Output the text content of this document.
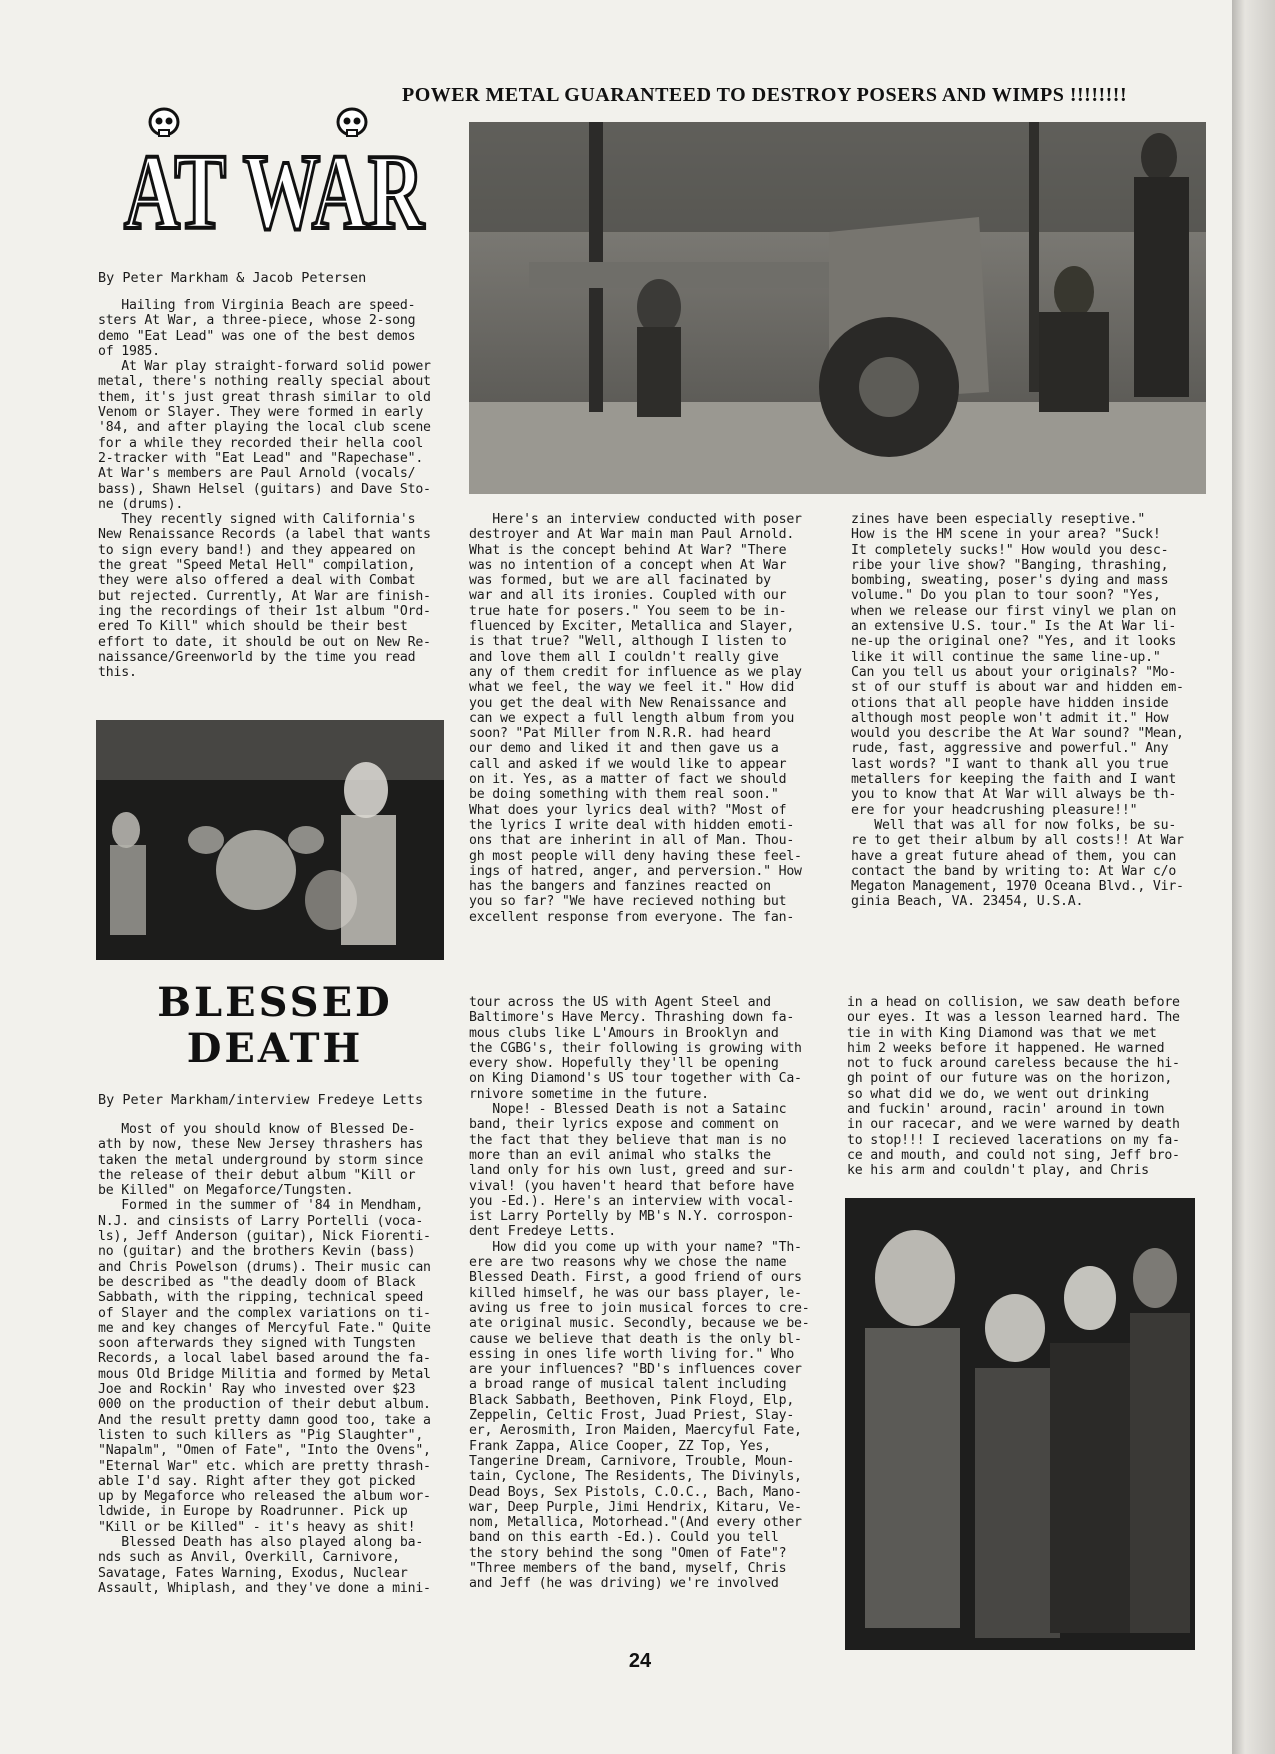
POWER METAL GUARANTEED TO DESTROY POSERS AND WIMPS !!!!!!!!
AT WAR
By Peter Markham & Jacob Petersen
Hailing from Virginia Beach are speed-
sters At War, a three-piece, whose 2-song
demo "Eat Lead" was one of the best demos
of 1985.
At War play straight-forward solid power
metal, there's nothing really special about
them, it's just great thrash similar to old
Venom or Slayer. They were formed in early
'84, and after playing the local club scene
for a while they recorded their hella cool
2-tracker with "Eat Lead" and "Rapechase".
At War's members are Paul Arnold (vocals/
bass), Shawn Helsel (guitars) and Dave Sto-
ne (drums).
They recently signed with California's
New Renaissance Records (a label that wants
to sign every band!) and they appeared on
the great "Speed Metal Hell" compilation,
they were also offered a deal with Combat
but rejected. Currently, At War are finish-
ing the recordings of their 1st album "Ord-
ered To Kill" which should be their best
effort to date, it should be out on New Re-
naissance/Greenworld by the time you read
this.
Here's an interview conducted with poser
destroyer and At War main man Paul Arnold.
What is the concept behind At War? "There
was no intention of a concept when At War
was formed, but we are all facinated by
war and all its ironies. Coupled with our
true hate for posers." You seem to be in-
fluenced by Exciter, Metallica and Slayer,
is that true? "Well, although I listen to
and love them all I couldn't really give
any of them credit for influence as we play
what we feel, the way we feel it." How did
you get the deal with New Renaissance and
can we expect a full length album from you
soon? "Pat Miller from N.R.R. had heard
our demo and liked it and then gave us a
call and asked if we would like to appear
on it. Yes, as a matter of fact we should
be doing something with them real soon."
What does your lyrics deal with? "Most of
the lyrics I write deal with hidden emoti-
ons that are inherint in all of Man. Thou-
gh most people will deny having these feel-
ings of hatred, anger, and perversion." How
has the bangers and fanzines reacted on
you so far? "We have recieved nothing but
excellent response from everyone. The fan-
zines have been especially reseptive."
How is the HM scene in your area? "Suck!
It completely sucks!" How would you desc-
ribe your live show? "Banging, thrashing,
bombing, sweating, poser's dying and mass
volume." Do you plan to tour soon? "Yes,
when we release our first vinyl we plan on
an extensive U.S. tour." Is the At War li-
ne-up the original one? "Yes, and it looks
like it will continue the same line-up."
Can you tell us about your originals? "Mo-
st of our stuff is about war and hidden em-
otions that all people have hidden inside
although most people won't admit it." How
would you describe the At War sound? "Mean,
rude, fast, aggressive and powerful." Any
last words? "I want to thank all you true
metallers for keeping the faith and I want
you to know that At War will always be th-
ere for your headcrushing pleasure!!"
Well that was all for now folks, be su-
re to get their album by all costs!! At War
have a great future ahead of them, you can
contact the band by writing to: At War c/o
Megaton Management, 1970 Oceana Blvd., Vir-
ginia Beach, VA. 23454, U.S.A.
BLESSED
DEATH
By Peter Markham/interview Fredeye Letts
Most of you should know of Blessed De-
ath by now, these New Jersey thrashers has
taken the metal underground by storm since
the release of their debut album "Kill or
be Killed" on Megaforce/Tungsten.
Formed in the summer of '84 in Mendham,
N.J. and cinsists of Larry Portelli (voca-
ls), Jeff Anderson (guitar), Nick Fiorenti-
no (guitar) and the brothers Kevin (bass)
and Chris Powelson (drums). Their music can
be described as "the deadly doom of Black
Sabbath, with the ripping, technical speed
of Slayer and the complex variations on ti-
me and key changes of Mercyful Fate." Quite
soon afterwards they signed with Tungsten
Records, a local label based around the fa-
mous Old Bridge Militia and formed by Metal
Joe and Rockin' Ray who invested over $23
000 on the production of their debut album.
And the result pretty damn good too, take a
listen to such killers as "Pig Slaughter",
"Napalm", "Omen of Fate", "Into the Ovens",
"Eternal War" etc. which are pretty thrash-
able I'd say. Right after they got picked
up by Megaforce who released the album wor-
ldwide, in Europe by Roadrunner. Pick up
"Kill or be Killed" - it's heavy as shit!
Blessed Death has also played along ba-
nds such as Anvil, Overkill, Carnivore,
Savatage, Fates Warning, Exodus, Nuclear
Assault, Whiplash, and they've done a mini-
tour across the US with Agent Steel and
Baltimore's Have Mercy. Thrashing down fa-
mous clubs like L'Amours in Brooklyn and
the CGBG's, their following is growing with
every show. Hopefully they'll be opening
on King Diamond's US tour together with Ca-
rnivore sometime in the future.
Nope! - Blessed Death is not a Satainc
band, their lyrics expose and comment on
the fact that they believe that man is no
more than an evil animal who stalks the
land only for his own lust, greed and sur-
vival! (you haven't heard that before have
you -Ed.). Here's an interview with vocal-
ist Larry Portelly by MB's N.Y. corrospon-
dent Fredeye Letts.
How did you come up with your name? "Th-
ere are two reasons why we chose the name
Blessed Death. First, a good friend of ours
killed himself, he was our bass player, le-
aving us free to join musical forces to cre-
ate original music. Secondly, because we be-
cause we believe that death is the only bl-
essing in ones life worth living for." Who
are your influences? "BD's influences cover
a broad range of musical talent including
Black Sabbath, Beethoven, Pink Floyd, Elp,
Zeppelin, Celtic Frost, Juad Priest, Slay-
er, Aerosmith, Iron Maiden, Maercyful Fate,
Frank Zappa, Alice Cooper, ZZ Top, Yes,
Tangerine Dream, Carnivore, Trouble, Moun-
tain, Cyclone, The Residents, The Divinyls,
Dead Boys, Sex Pistols, C.O.C., Bach, Mano-
war, Deep Purple, Jimi Hendrix, Kitaru, Ve-
nom, Metallica, Motorhead."(And every other
band on this earth -Ed.). Could you tell
the story behind the song "Omen of Fate"?
"Three members of the band, myself, Chris
and Jeff (he was driving) we're involved
in a head on collision, we saw death before
our eyes. It was a lesson learned hard. The
tie in with King Diamond was that we met
him 2 weeks before it happened. He warned
not to fuck around careless because the hi-
gh point of our future was on the horizon,
so what did we do, we went out drinking
and fuckin' around, racin' around in town
in our racecar, and we were warned by death
to stop!!! I recieved lacerations on my fa-
ce and mouth, and could not sing, Jeff bro-
ke his arm and couldn't play, and Chris
24
